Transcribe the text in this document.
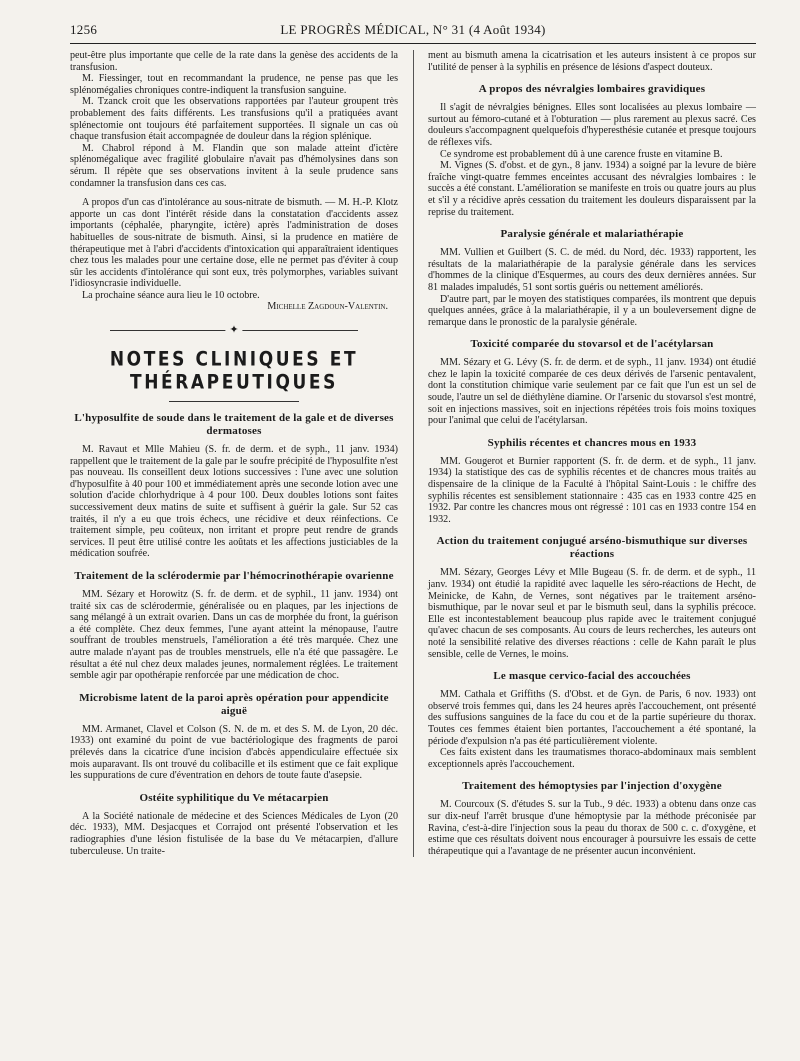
1256	LE PROGRÈS MÉDICAL, N° 31 (4 Août 1934)

peut-être plus importante que celle de la rate dans la genèse des accidents de la transfusion.

M. Fiessinger, tout en recommandant la prudence, ne pense pas que les splénomégalies chroniques contre-indiquent la transfusion sanguine.

M. Tzanck croit que les observations rapportées par l'auteur groupent très probablement des faits différents. Les transfusions qu'il a pratiquées avant splénectomie ont toujours été parfaitement supportées. Il signale un cas où chaque transfusion était accompagnée de douleur dans la région splénique.

M. Chabrol répond à M. Flandin que son malade atteint d'ictère splénomégalique avec fragilité globulaire n'avait pas d'hémolysines dans son sérum. Il répète que ses observations invitent à la seule prudence sans condamner la transfusion dans ces cas.

A propos d'un cas d'intolérance au sous-nitrate de bismuth. — M. H.-P. Klotz apporte un cas dont l'intérêt réside dans la constatation d'accidents assez importants (céphalée, pharyngite, ictère) après l'administration de doses habituelles de sous-nitrate de bismuth. Ainsi, si la prudence en matière de thérapeutique met à l'abri d'accidents d'intoxication qui apparaîtraient identiques chez tous les malades pour une certaine dose, elle ne permet pas d'éviter à coup sûr les accidents d'intolérance qui sont eux, très polymorphes, variables suivant l'idiosyncrasie individuelle.

La prochaine séance aura lieu le 10 octobre.

Michelle Zagdoun-Valentin.
✦
NOTES CLINIQUES ET THÉRAPEUTIQUES
L'hyposulfite de soude dans le traitement de la gale et de diverses dermatoses

M. Ravaut et Mlle Mahieu (S. fr. de derm. et de syph., 11 janv. 1934) rappellent que le traitement de la gale par le soufre précipité de l'hyposulfite n'est pas nouveau. Ils conseillent deux lotions successives : l'une avec une solution d'hyposulfite à 40 pour 100 et immédiatement après une seconde lotion avec une solution d'acide chlorhydrique à 4 pour 100. Deux doubles lotions sont faites successivement deux matins de suite et suffisent à guérir la gale. Sur 52 cas traités, il n'y a eu que trois échecs, une récidive et deux réinfections. Ce traitement simple, peu coûteux, non irritant et propre peut rendre de grands services. Il peut être utilisé contre les aoûtats et les affections justiciables de la médication soufrée.

Traitement de la sclérodermie par l'hémocrinothérapie ovarienne

MM. Sézary et Horowitz (S. fr. de derm. et de syphil., 11 janv. 1934) ont traité six cas de sclérodermie, généralisée ou en plaques, par les injections de sang mélangé à un extrait ovarien. Dans un cas de morphée du front, la guérison a été complète. Chez deux femmes, l'une ayant atteint la ménopause, l'autre souffrant de troubles menstruels, l'amélioration a été très marquée. Chez une autre malade n'ayant pas de troubles menstruels, elle n'a été que passagère. Le résultat a été nul chez deux malades jeunes, normalement réglées. Le traitement semble agir par opothérapie renforcée par une médication de choc.

Microbisme latent de la paroi après opération pour appendicite aiguë

MM. Armanet, Clavel et Colson (S. N. de m. et des S. M. de Lyon, 20 déc. 1933) ont examiné du point de vue bactériologique des fragments de paroi prélevés dans la cicatrice d'une incision d'abcès appendiculaire effectuée six mois auparavant. Ils ont trouvé du colibacille et ils estiment que ce fait explique les suppurations de cure d'éventration en dehors de toute faute d'asepsie.

Ostéite syphilitique du Ve métacarpien

A la Société nationale de médecine et des Sciences Médicales de Lyon (20 déc. 1933), MM. Desjacques et Corrajod ont présenté l'observation et les radiographies d'une lésion fistulisée de la base du Ve métacarpien, d'allure tuberculeuse. Un traite-

ment au bismuth amena la cicatrisation et les auteurs insistent à ce propos sur l'utilité de penser à la syphilis en présence de lésions d'aspect douteux.

A propos des névralgies lombaires gravidiques

Il s'agit de névralgies bénignes. Elles sont localisées au plexus lombaire — surtout au fémoro-cutané et à l'obturation — plus rarement au plexus sacré. Ces douleurs s'accompagnent quelquefois d'hyperesthésie cutanée et presque toujours de réflexes vifs.

Ce syndrome est probablement dû à une carence fruste en vitamine B.

M. Vignes (S. d'obst. et de gyn., 8 janv. 1934) a soigné par la levure de bière fraîche vingt-quatre femmes enceintes accusant des névralgies lombaires : le succès a été constant. L'amélioration se manifeste en trois ou quatre jours au plus et s'il y a récidive après cessation du traitement les douleurs disparaissent par la reprise du traitement.

Paralysie générale et malariathérapie

MM. Vullien et Guilbert (S. C. de méd. du Nord, déc. 1933) rapportent, les résultats de la malariathérapie de la paralysie générale dans les services d'hommes de la clinique d'Esquermes, au cours des deux dernières années. Sur 81 malades impaludés, 51 sont sortis guéris ou nettement améliorés.

D'autre part, par le moyen des statistiques comparées, ils montrent que depuis quelques années, grâce à la malariathérapie, il y a un bouleversement digne de remarque dans le pronostic de la paralysie générale.

Toxicité comparée du stovarsol et de l'acétylarsan

MM. Sézary et G. Lévy (S. fr. de derm. et de syph., 11 janv. 1934) ont étudié chez le lapin la toxicité comparée de ces deux dérivés de l'arsenic pentavalent, dont la constitution chimique varie seulement par ce fait que l'un est un sel de soude, l'autre un sel de diéthylène diamine. Or l'arsenic du stovarsol s'est montré, soit en injections massives, soit en injections répétées trois fois moins toxiques pour l'animal que celui de l'acétylarsan.

Syphilis récentes et chancres mous en 1933

MM. Gougerot et Burnier rapportent (S. fr. de derm. et de syph., 11 janv. 1934) la statistique des cas de syphilis récentes et de chancres mous traités au dispensaire de la clinique de la Faculté à l'hôpital Saint-Louis : le chiffre des syphilis récentes est sensiblement stationnaire : 435 cas en 1933 contre 425 en 1932. Par contre les chancres mous ont régressé : 101 cas en 1933 contre 154 en 1932.

Action du traitement conjugué arséno-bismuthique sur diverses réactions

MM. Sézary, Georges Lévy et Mlle Bugeau (S. fr. de derm. et de syph., 11 janv. 1934) ont étudié la rapidité avec laquelle les séro-réactions de Hecht, de Meinicke, de Kahn, de Vernes, sont négatives par le traitement arséno-bismuthique, par le novar seul et par le bismuth seul, dans la syphilis précoce. Elle est incontestablement beaucoup plus rapide avec le traitement conjugué qu'avec chacun de ses composants. Au cours de leurs recherches, les auteurs ont noté la sensibilité relative des diverses réactions : celle de Kahn paraît le plus sensible, celle de Vernes, le moins.

Le masque cervico-facial des accouchées

MM. Cathala et Griffiths (S. d'Obst. et de Gyn. de Paris, 6 nov. 1933) ont observé trois femmes qui, dans les 24 heures après l'accouchement, ont présenté des suffusions sanguines de la face du cou et de la partie supérieure du thorax. Toutes ces femmes étaient bien portantes, l'accouchement a été spontané, la période d'expulsion n'a pas été particulièrement violente.

Ces faits existent dans les traumatismes thoraco-abdominaux mais semblent exceptionnels après l'accouchement.

Traitement des hémoptysies par l'injection d'oxygène

M. Courcoux (S. d'études S. sur la Tub., 9 déc. 1933) a obtenu dans onze cas sur dix-neuf l'arrêt brusque d'une hémoptysie par la méthode préconisée par Ravina, c'est-à-dire l'injection sous la peau du thorax de 500 c. c. d'oxygène, et estime que ces résultats doivent nous encourager à poursuivre les essais de cette thérapeutique qui a l'avantage de ne présenter aucun inconvénient.
